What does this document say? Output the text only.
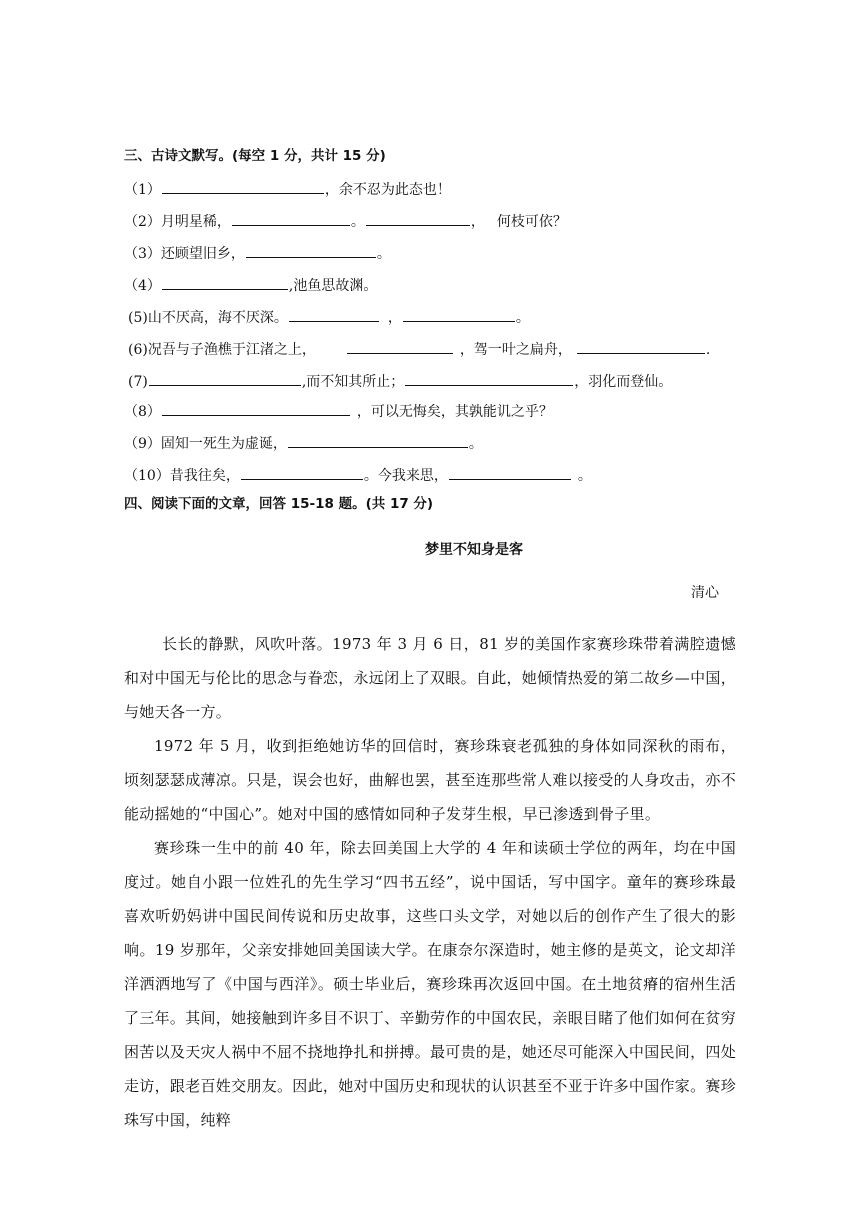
三、古诗文默写。(每空 1 分，共计 15 分)
（1）	，余不忍为此态也！
（2）月明星稀，	。	， 何枝可依？
（3）还顾望旧乡，	。
（4）	,池鱼思故渊。
(5)山不厌高，海不厌深。	，	。
(6)况吾与子渔樵于江渚之上，	，驾一叶之扁舟，	.
(7)	,而不知其所止；	，羽化而登仙。
（8）	，可以无悔矣，其孰能讥之乎？
（9）固知一死生为虚诞，	。
（10）昔我往矣，	。今我来思，	。
四、阅读下面的文章，回答 15-18 题。(共 17 分)
梦里不知身是客
清心
长长的静默，风吹叶落。1973 年 3 月 6 日，81 岁的美国作家赛珍珠带着满腔遗憾和对中国无与伦比的思念与眷恋，永远闭上了双眼。自此，她倾情热爱的第二故乡—中国，与她天各一方。
1972 年 5 月，收到拒绝她访华的回信时，赛珍珠衰老孤独的身体如同深秋的雨布，顷刻瑟瑟成薄凉。只是，误会也好，曲解也罢，甚至连那些常人难以接受的人身攻击，亦不能动摇她的“中国心”。她对中国的感情如同种子发芽生根，早已渗透到骨子里。
赛珍珠一生中的前 40 年，除去回美国上大学的 4 年和读硕士学位的两年，均在中国度过。她自小跟一位姓孔的先生学习“四书五经”，说中国话，写中国字。童年的赛珍珠最喜欢听奶妈讲中国民间传说和历史故事，这些口头文学，对她以后的创作产生了很大的影响。19 岁那年，父亲安排她回美国读大学。在康奈尔深造时，她主修的是英文，论文却洋洋洒洒地写了《中国与西洋》。硕士毕业后，赛珍珠再次返回中国。在土地贫瘠的宿州生活了三年。其间，她接触到许多目不识丁、辛勤劳作的中国农民，亲眼目睹了他们如何在贫穷困苦以及天灾人祸中不屈不挠地挣扎和拼搏。最可贵的是，她还尽可能深入中国民间，四处走访，跟老百姓交朋友。因此，她对中国历史和现状的认识甚至不亚于许多中国作家。赛珍珠写中国，纯粹
